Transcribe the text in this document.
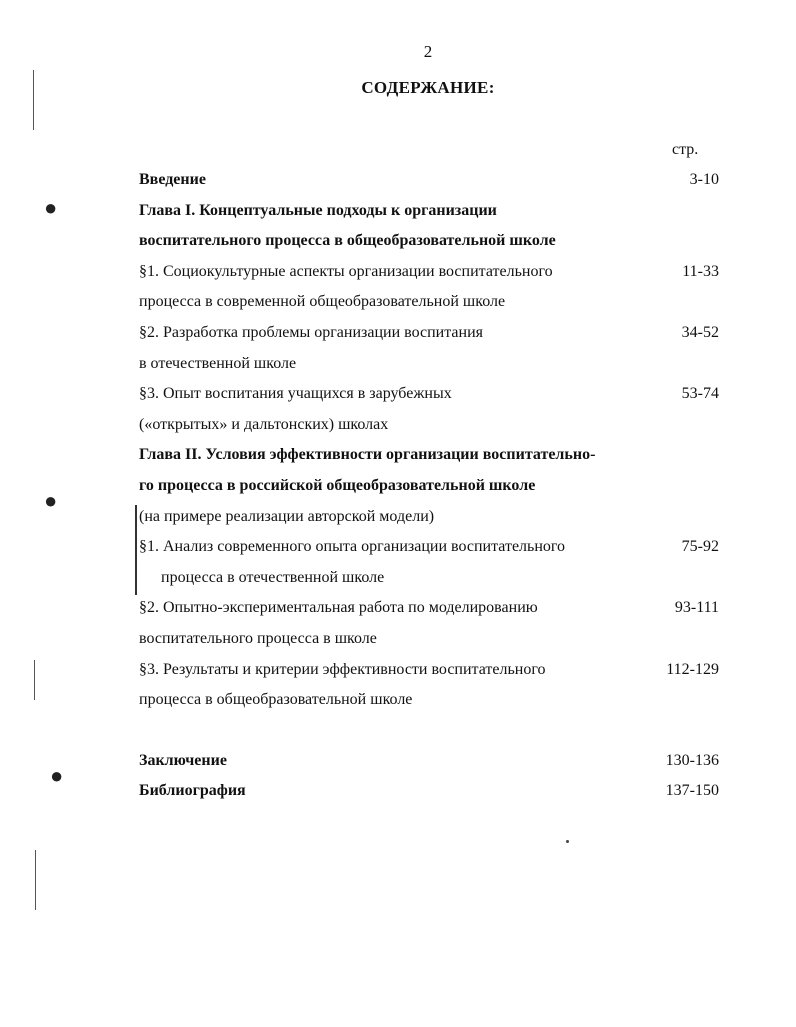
●
●
●
2
СОДЕРЖАНИЕ:
стр.
Введение	3-10
Глава I. Концептуальные подходы к организации
воспитательного процесса в общеобразовательной школе
§1. Социокультурные аспекты организации воспитательного	11-33
процесса в современной общеобразовательной школе
§2. Разработка проблемы организации воспитания	34-52
в отечественной школе
§3. Опыт воспитания учащихся в зарубежных	53-74
(«открытых» и дальтонских) школах
Глава II. Условия эффективности организации воспитательно-
го процесса в российской общеобразовательной школе
(на примере реализации авторской модели)
§1. Анализ современного опыта организации воспитательного	75-92
процесса в отечественной школе
§2. Опытно-экспериментальная работа по моделированию	93-111
воспитательного процесса в школе
§3. Результаты и критерии эффективности воспитательного	112-129
процесса в общеобразовательной школе
Заключение	130-136
Библиография	137-150
